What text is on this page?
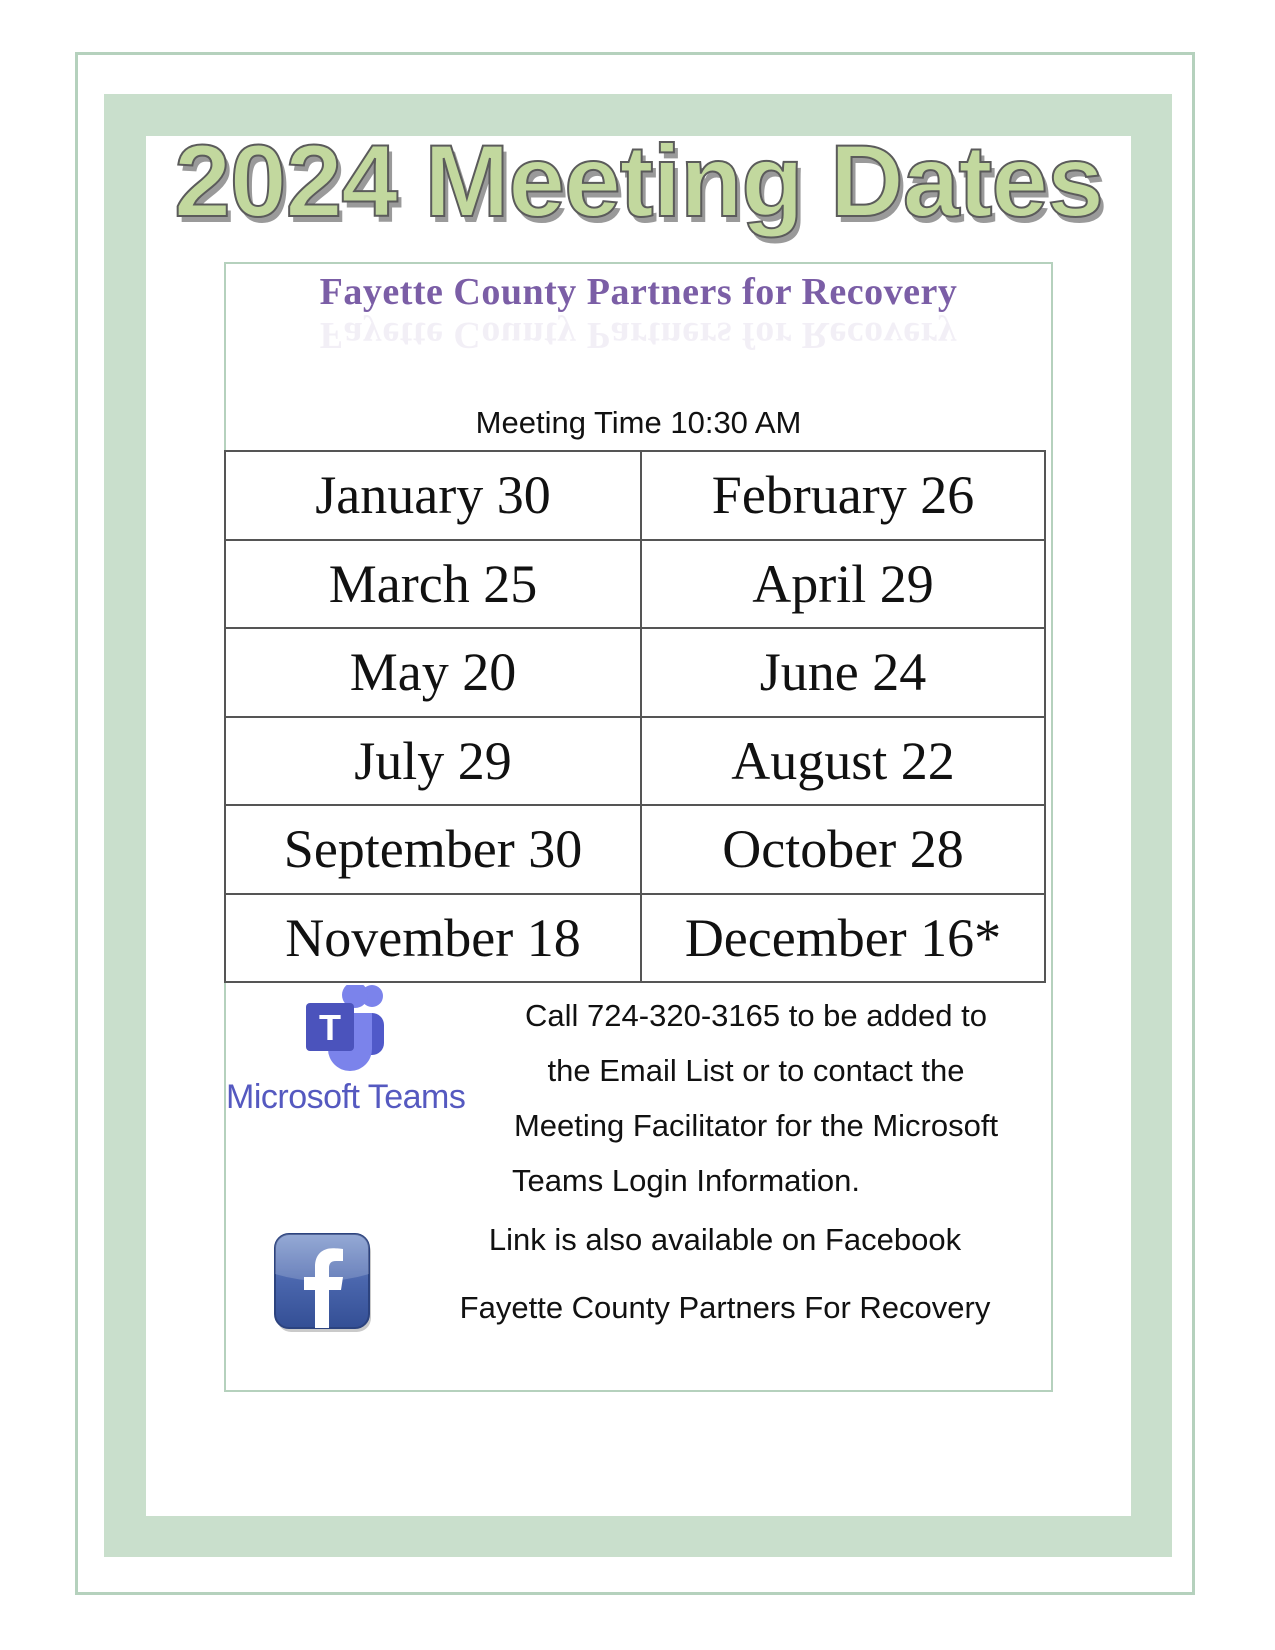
2024 Meeting Dates
Fayette County Partners for Recovery
Fayette County Partners for Recovery
Meeting Time 10:30 AM
January 30	February 26
March 25	April 29
May 20	June 24
July 29	August 22
September 30	October 28
November 18	December 16*
T
Microsoft Teams
Call 724-320-3165 to be added to
the Email List or to contact the
Meeting Facilitator for the Microsoft
Teams Login Information.
Link is also available on Facebook
Fayette County Partners For Recovery
